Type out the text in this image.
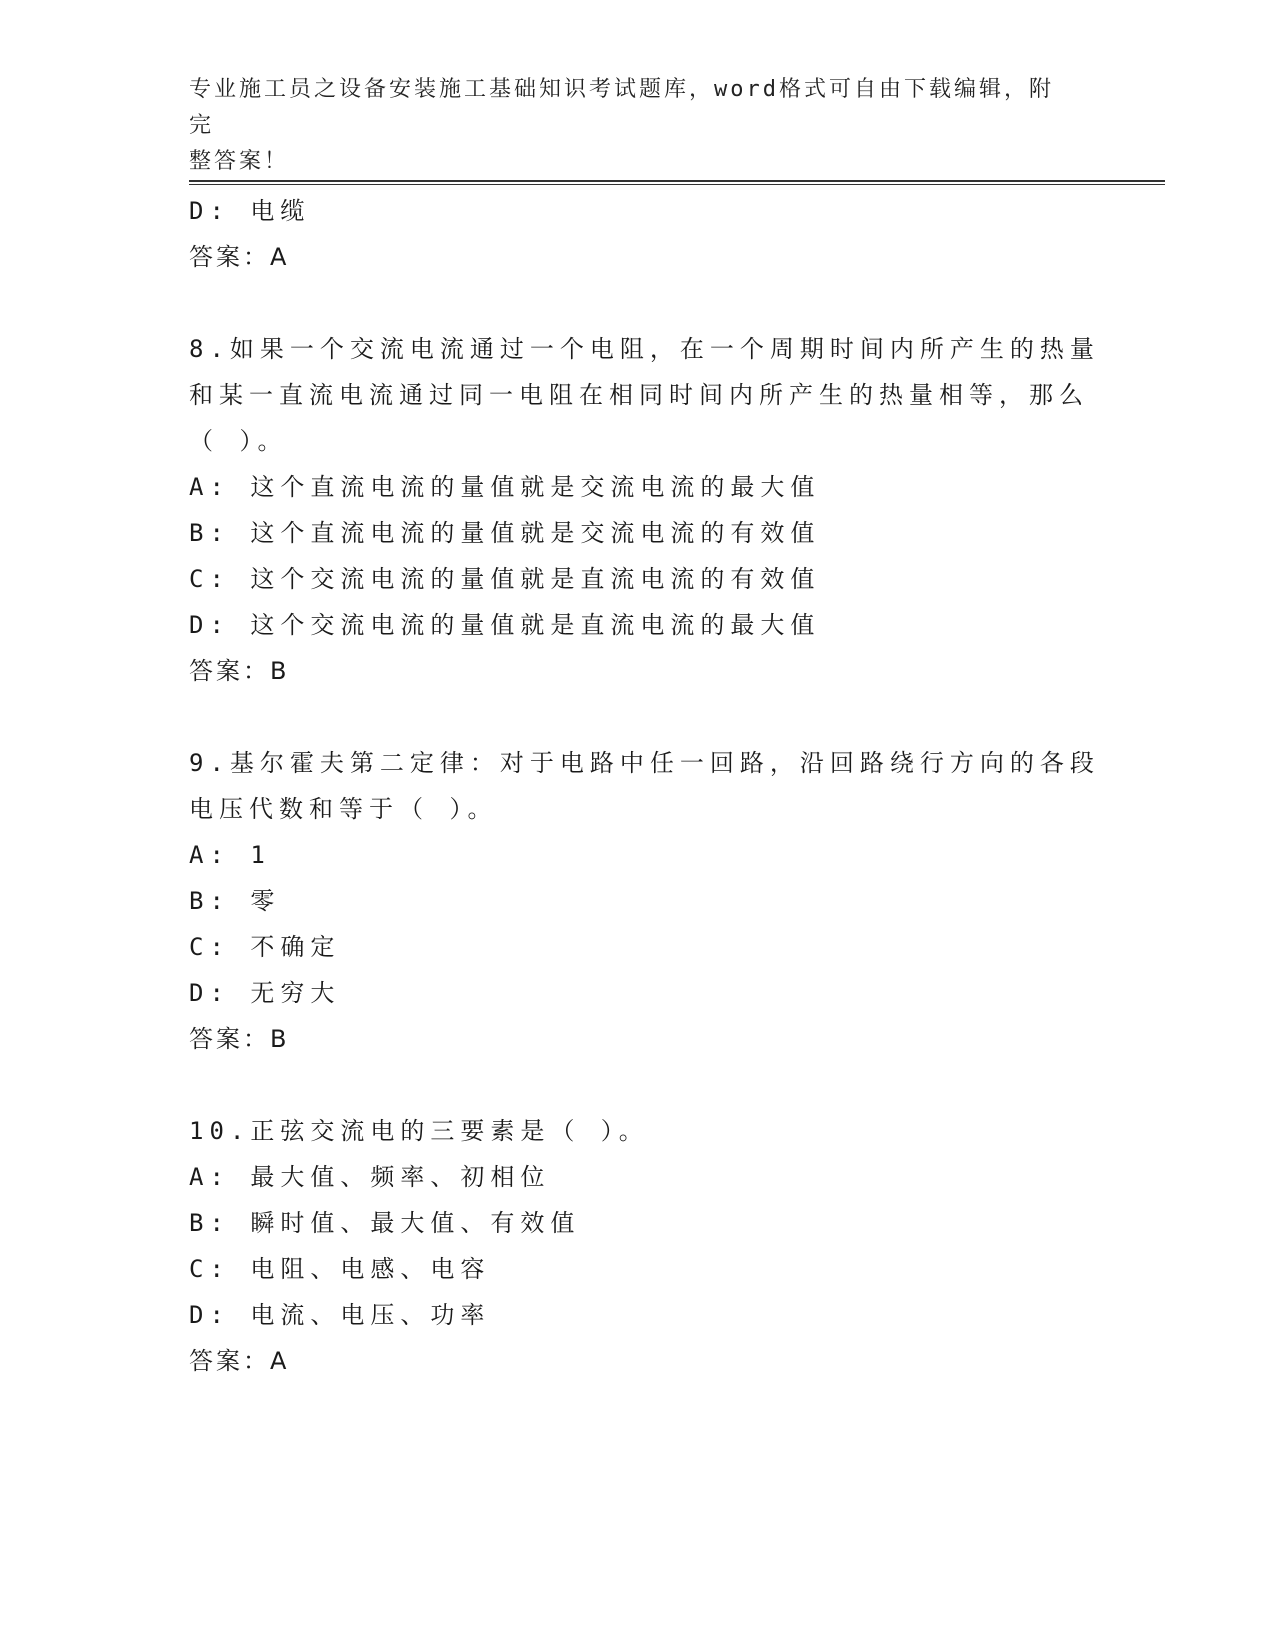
专业施工员之设备安装施工基础知识考试题库，word格式可自由下载编辑，附完
整答案！
D: 电缆
答案：A
8.如果一个交流电流通过一个电阻，在一个周期时间内所产生的热量
和某一直流电流通过同一电阻在相同时间内所产生的热量相等，那么
（ ）。
A: 这个直流电流的量值就是交流电流的最大值
B: 这个直流电流的量值就是交流电流的有效值
C: 这个交流电流的量值就是直流电流的有效值
D: 这个交流电流的量值就是直流电流的最大值
答案：B
9.基尔霍夫第二定律：对于电路中任一回路，沿回路绕行方向的各段
电压代数和等于（ ）。
A: 1
B: 零
C: 不确定
D: 无穷大
答案：B
10.正弦交流电的三要素是（ ）。
A: 最大值、频率、初相位
B: 瞬时值、最大值、有效值
C: 电阻、电感、电容
D: 电流、电压、功率
答案：A
